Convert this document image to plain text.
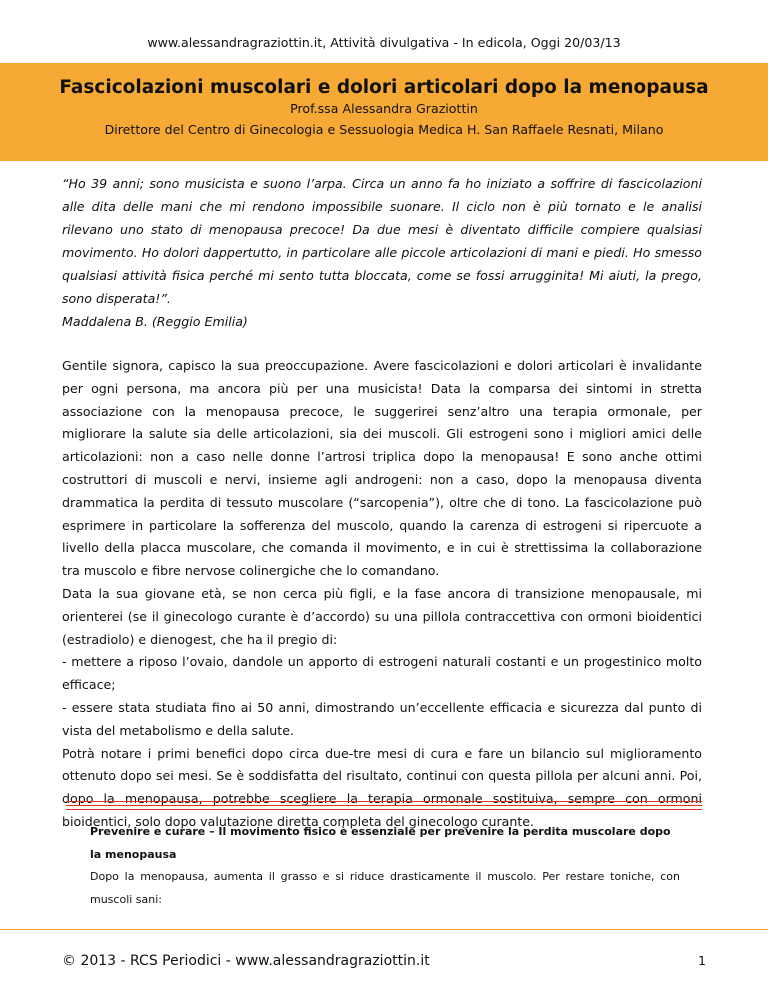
www.alessandragraziottin.it, Attività divulgativa - In edicola, Oggi 20/03/13
Fascicolazioni muscolari e dolori articolari dopo la menopausa
Prof.ssa Alessandra Graziottin
Direttore del Centro di Ginecologia e Sessuologia Medica H. San Raffaele Resnati, Milano

“Ho 39 anni; sono musicista e suono l’arpa. Circa un anno fa ho iniziato a soffrire di fascicolazioni alle dita delle mani che mi rendono impossibile suonare. Il ciclo non è più tornato e le analisi rilevano uno stato di menopausa precoce! Da due mesi è diventato difficile compiere qualsiasi movimento. Ho dolori dappertutto, in particolare alle piccole articolazioni di mani e piedi. Ho smesso qualsiasi attività fisica perché mi sento tutta bloccata, come se fossi arrugginita! Mi aiuti, la prego, sono disperata!”.

Maddalena B. (Reggio Emilia)

Gentile signora, capisco la sua preoccupazione. Avere fascicolazioni e dolori articolari è invalidante per ogni persona, ma ancora più per una musicista! Data la comparsa dei sintomi in stretta associazione con la menopausa precoce, le suggerirei senz’altro una terapia ormonale, per migliorare la salute sia delle articolazioni, sia dei muscoli. Gli estrogeni sono i migliori amici delle articolazioni: non a caso nelle donne l’artrosi triplica dopo la menopausa! E sono anche ottimi costruttori di muscoli e nervi, insieme agli androgeni: non a caso, dopo la menopausa diventa drammatica la perdita di tessuto muscolare (“sarcopenia”), oltre che di tono. La fascicolazione può esprimere in particolare la sofferenza del muscolo, quando la carenza di estrogeni si ripercuote a livello della placca muscolare, che comanda il movimento, e in cui è strettissima la collaborazione tra muscolo e fibre nervose colinergiche che lo comandano.

Data la sua giovane età, se non cerca più figli, e la fase ancora di transizione menopausale, mi orienterei (se il ginecologo curante è d’accordo) su una pillola contraccettiva con ormoni bioidentici (estradiolo) e dienogest, che ha il pregio di:

- mettere a riposo l’ovaio, dandole un apporto di estrogeni naturali costanti e un progestinico molto efficace;

- essere stata studiata fino ai 50 anni, dimostrando un’eccellente efficacia e sicurezza dal punto di vista del metabolismo e della salute.

Potrà notare i primi benefici dopo circa due-tre mesi di cura e fare un bilancio sul miglioramento ottenuto dopo sei mesi. Se è soddisfatta del risultato, continui con questa pillola per alcuni anni. Poi, dopo la menopausa, potrebbe scegliere la terapia ormonale sostituiva, sempre con ormoni bioidentici, solo dopo valutazione diretta completa del ginecologo curante.

Prevenire e curare – Il movimento fisico è essenziale per prevenire la perdita muscolare dopo la menopausa

Dopo la menopausa, aumenta il grasso e si riduce drasticamente il muscolo. Per restare toniche, con muscoli sani:

© 2013 - RCS Periodici - www.alessandragraziottin.it	1
